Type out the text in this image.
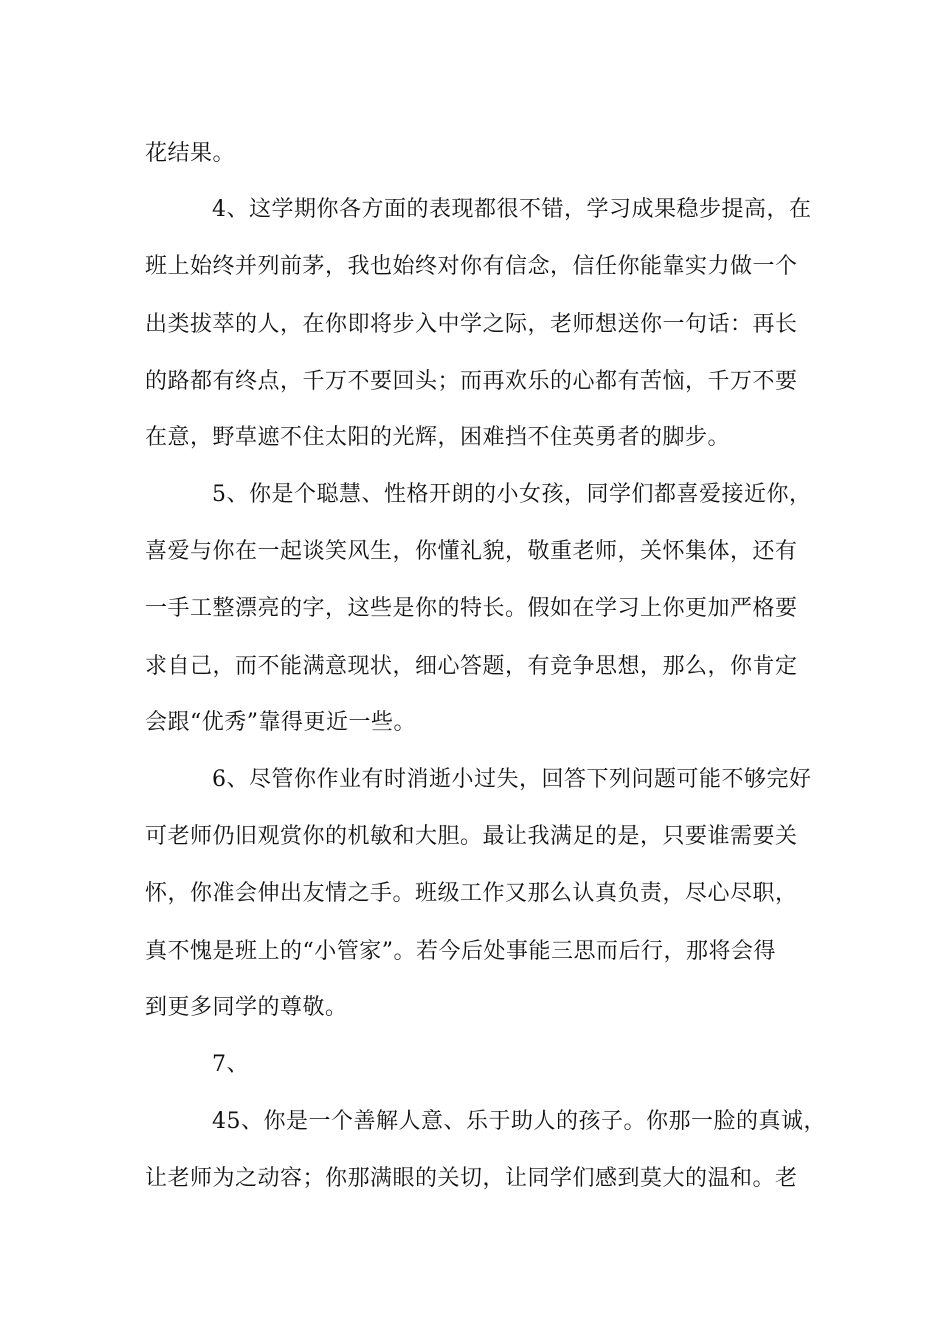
花结果。
4、这学期你各方面的表现都很不错，学习成果稳步提高，在
班上始终并列前茅，我也始终对你有信念，信任你能靠实力做一个
出类拔萃的人，在你即将步入中学之际，老师想送你一句话：再长
的路都有终点，千万不要回头；而再欢乐的心都有苦恼，千万不要
在意，野草遮不住太阳的光辉，困难挡不住英勇者的脚步。
5、你是个聪慧、性格开朗的小女孩，同学们都喜爱接近你，
喜爱与你在一起谈笑风生，你懂礼貌，敬重老师，关怀集体，还有
一手工整漂亮的字，这些是你的特长。假如在学习上你更加严格要
求自己，而不能满意现状，细心答题，有竞争思想，那么，你肯定
会跟“优秀”靠得更近一些。
6、尽管你作业有时消逝小过失，回答下列问题可能不够完好
可老师仍旧观赏你的机敏和大胆。最让我满足的是，只要谁需要关
怀，你准会伸出友情之手。班级工作又那么认真负责，尽心尽职，
真不愧是班上的“小管家”。若今后处事能三思而后行，那将会得
到更多同学的尊敬。
7、
45、你是一个善解人意、乐于助人的孩子。你那一脸的真诚，
让老师为之动容；你那满眼的关切，让同学们感到莫大的温和。老
